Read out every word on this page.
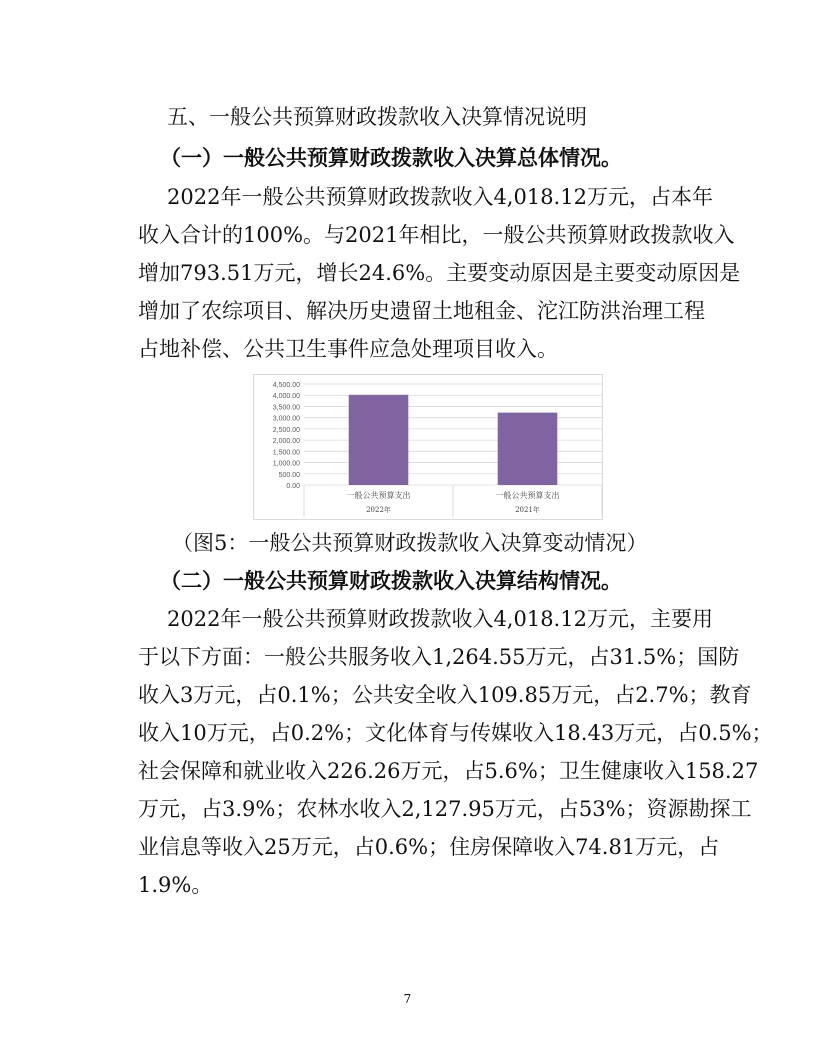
五、一般公共预算财政拨款收入决算情况说明
（一）一般公共预算财政拨款收入决算总体情况。
2022年一般公共预算财政拨款收入4,018.12万元，占本年
收入合计的100%。与2021年相比，一般公共预算财政拨款收入
增加793.51万元，增长24.6%。主要变动原因是主要变动原因是
增加了农综项目、解决历史遗留土地租金、沱江防洪治理工程
占地补偿、公共卫生事件应急处理项目收入。
0.00
500.00
1,000.00
1,500.00
2,000.00
2,500.00
3,000.00
3,500.00
4,000.00
4,500.00
一般公共预算支出
2022年
一般公共预算支出
2021年
（图5：一般公共预算财政拨款收入决算变动情况）
（二）一般公共预算财政拨款收入决算结构情况。
2022年一般公共预算财政拨款收入4,018.12万元，主要用
于以下方面：一般公共服务收入1,264.55万元，占31.5%；国防
收入3万元，占0.1%；公共安全收入109.85万元，占2.7%；教育
收入10万元，占0.2%；文化体育与传媒收入18.43万元，占0.5%；
社会保障和就业收入226.26万元，占5.6%；卫生健康收入158.27
万元，占3.9%；农林水收入2,127.95万元，占53%；资源勘探工
业信息等收入25万元，占0.6%；住房保障收入74.81万元，占
1.9%。
7
